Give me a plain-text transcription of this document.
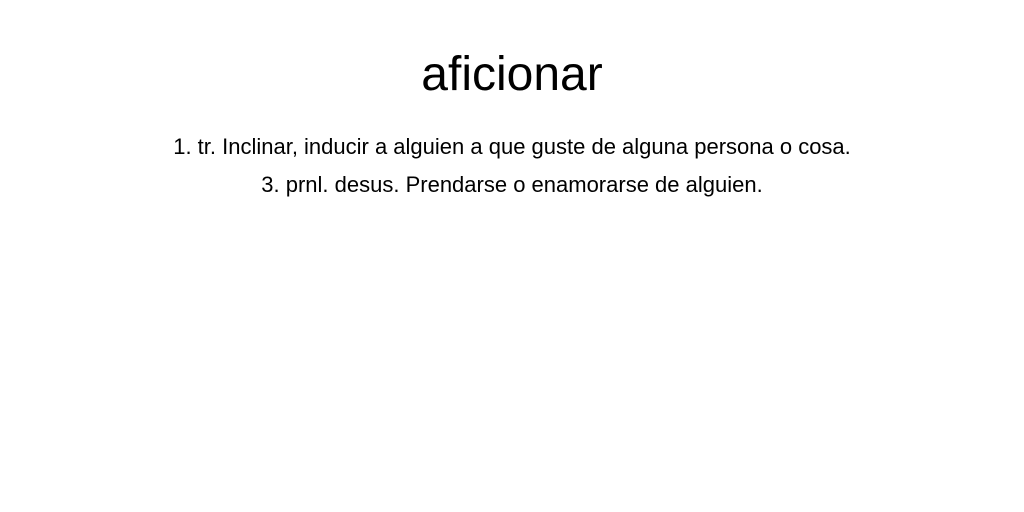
aficionar
1. tr. Inclinar, inducir a alguien a que guste de alguna persona o cosa.
3. prnl. desus. Prendarse o enamorarse de alguien.
